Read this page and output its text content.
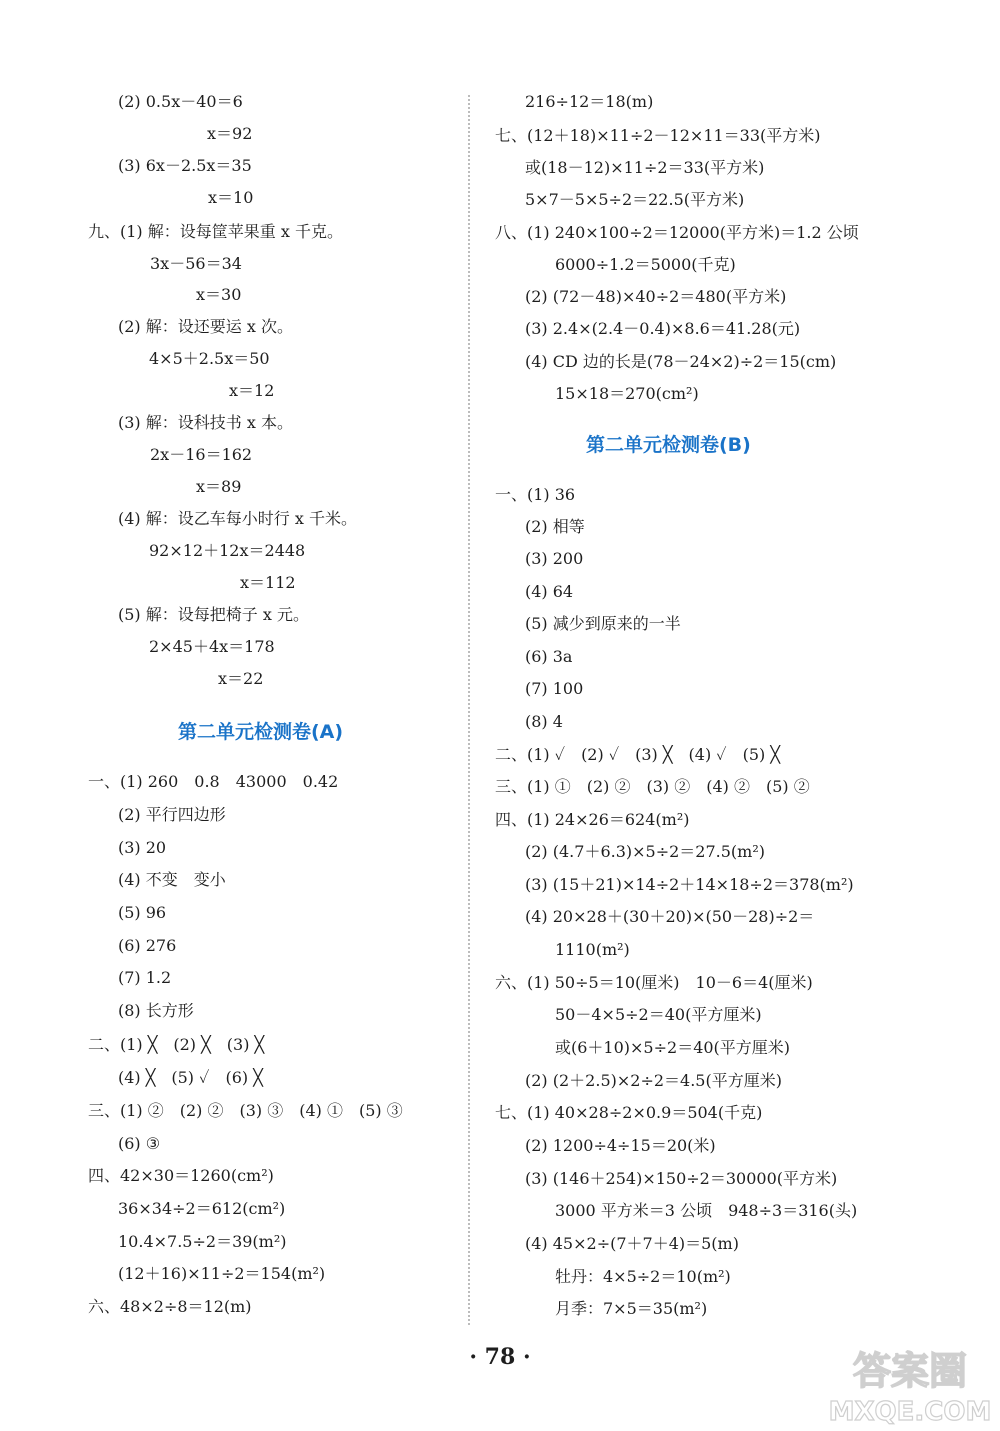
(2) 0.5x－40＝6
x＝92
(3) 6x－2.5x＝35
x＝10
九、(1) 解：设每筐苹果重 x 千克。
3x－56＝34
x＝30
(2) 解：设还要运 x 次。
4×5＋2.5x＝50
x＝12
(3) 解：设科技书 x 本。
2x－16＝162
x＝89
(4) 解：设乙车每小时行 x 千米。
92×12＋12x＝2448
x＝112
(5) 解：设每把椅子 x 元。
2×45＋4x＝178
x＝22
第二单元检测卷(A)
一、(1) 260　0.8　43000　0.42
(2) 平行四边形
(3) 20
(4) 不变　变小
(5) 96
(6) 276
(7) 1.2
(8) 长方形
二、(1) ╳　(2) ╳　(3) ╳
(4) ╳　(5) ✓　(6) ╳
三、(1) ②　(2) ②　(3) ③　(4) ①　(5) ③
(6) ③
四、42×30＝1260(cm²)
36×34÷2＝612(cm²)
10.4×7.5÷2＝39(m²)
(12＋16)×11÷2＝154(m²)
六、48×2÷8＝12(m)
216÷12＝18(m)
七、(12＋18)×11÷2－12×11＝33(平方米)
或(18－12)×11÷2＝33(平方米)
5×7－5×5÷2＝22.5(平方米)
八、(1) 240×100÷2＝12000(平方米)＝1.2 公顷
6000÷1.2＝5000(千克)
(2) (72－48)×40÷2＝480(平方米)
(3) 2.4×(2.4－0.4)×8.6＝41.28(元)
(4) CD 边的长是(78－24×2)÷2＝15(cm)
15×18＝270(cm²)
第二单元检测卷(B)
一、(1) 36
(2) 相等
(3) 200
(4) 64
(5) 减少到原来的一半
(6) 3a
(7) 100
(8) 4
二、(1) ✓　(2) ✓　(3) ╳　(4) ✓　(5) ╳
三、(1) ①　(2) ②　(3) ②　(4) ②　(5) ②
四、(1) 24×26＝624(m²)
(2) (4.7＋6.3)×5÷2＝27.5(m²)
(3) (15＋21)×14÷2＋14×18÷2＝378(m²)
(4) 20×28＋(30＋20)×(50－28)÷2＝
1110(m²)
六、(1) 50÷5＝10(厘米)　10－6＝4(厘米)
50－4×5÷2＝40(平方厘米)
或(6＋10)×5÷2＝40(平方厘米)
(2) (2＋2.5)×2÷2＝4.5(平方厘米)
七、(1) 40×28÷2×0.9＝504(千克)
(2) 1200÷4÷15＝20(米)
(3) (146＋254)×150÷2＝30000(平方米)
3000 平方米＝3 公顷　948÷3＝316(头)
(4) 45×2÷(7＋7＋4)＝5(m)
牡丹：4×5÷2＝10(m²)
月季：7×5＝35(m²)
· 78 ·	答案圈
MXQE.COM
